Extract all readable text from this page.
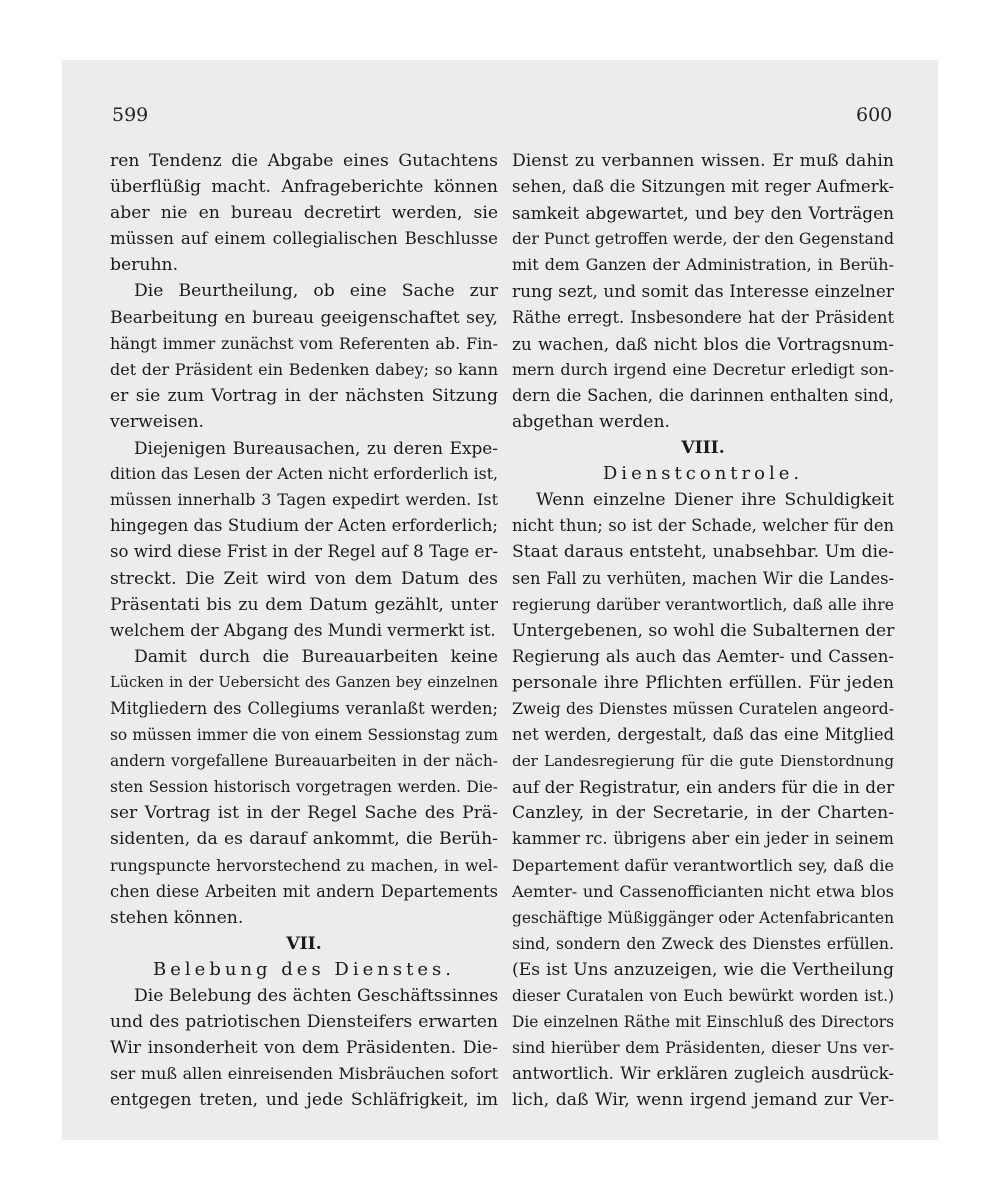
599	600
ren Tendenz die Abgabe eines Gutachtens
überflüßig macht. Anfrageberichte können
aber nie en bureau decretirt werden, sie
müssen auf einem collegialischen Beschlusse
beruhn.
Die Beurtheilung, ob eine Sache zur
Bearbeitung en bureau geeigenschaftet sey,
hängt immer zunächst vom Referenten ab. Fin-
det der Präsident ein Bedenken dabey; so kann
er sie zum Vortrag in der nächsten Sitzung
verweisen.
Diejenigen Bureausachen, zu deren Expe-
dition das Lesen der Acten nicht erforderlich ist,
müssen innerhalb 3 Tagen expedirt werden. Ist
hingegen das Studium der Acten erforderlich;
so wird diese Frist in der Regel auf 8 Tage er-
streckt. Die Zeit wird von dem Datum des
Präsentati bis zu dem Datum gezählt, unter
welchem der Abgang des Mundi vermerkt ist.
Damit durch die Bureauarbeiten keine
Lücken in der Uebersicht des Ganzen bey einzelnen
Mitgliedern des Collegiums veranlaßt werden;
so müssen immer die von einem Sessionstag zum
andern vorgefallene Bureauarbeiten in der näch-
sten Session historisch vorgetragen werden. Die-
ser Vortrag ist in der Regel Sache des Prä-
sidenten, da es darauf ankommt, die Berüh-
rungspuncte hervorstechend zu machen, in wel-
chen diese Arbeiten mit andern Departements
stehen können.
VII.
Belebung des Dienstes.
Die Belebung des ächten Geschäftssinnes
und des patriotischen Diensteifers erwarten
Wir insonderheit von dem Präsidenten. Die-
ser muß allen einreisenden Misbräuchen sofort
entgegen treten, und jede Schläfrigkeit, im
Dienst zu verbannen wissen. Er muß dahin
sehen, daß die Sitzungen mit reger Aufmerk-
samkeit abgewartet, und bey den Vorträgen
der Punct getroffen werde, der den Gegenstand
mit dem Ganzen der Administration, in Berüh-
rung sezt, und somit das Interesse einzelner
Räthe erregt. Insbesondere hat der Präsident
zu wachen, daß nicht blos die Vortragsnum-
mern durch irgend eine Decretur erledigt son-
dern die Sachen, die darinnen enthalten sind,
abgethan werden.
VIII.
Dienstcontrole.
Wenn einzelne Diener ihre Schuldigkeit
nicht thun; so ist der Schade, welcher für den
Staat daraus entsteht, unabsehbar. Um die-
sen Fall zu verhüten, machen Wir die Landes-
regierung darüber verantwortlich, daß alle ihre
Untergebenen, so wohl die Subalternen der
Regierung als auch das Aemter- und Cassen-
personale ihre Pflichten erfüllen. Für jeden
Zweig des Dienstes müssen Curatelen angeord-
net werden, dergestalt, daß das eine Mitglied
der Landesregierung für die gute Dienstordnung
auf der Registratur, ein anders für die in der
Canzley, in der Secretarie, in der Charten-
kammer rc. übrigens aber ein jeder in seinem
Departement dafür verantwortlich sey, daß die
Aemter- und Cassenofficianten nicht etwa blos
geschäftige Müßiggänger oder Actenfabricanten
sind, sondern den Zweck des Dienstes erfüllen.
(Es ist Uns anzuzeigen, wie die Vertheilung
dieser Curatalen von Euch bewürkt worden ist.)
Die einzelnen Räthe mit Einschluß des Directors
sind hierüber dem Präsidenten, dieser Uns ver-
antwortlich. Wir erklären zugleich ausdrück-
lich, daß Wir, wenn irgend jemand zur Ver-
